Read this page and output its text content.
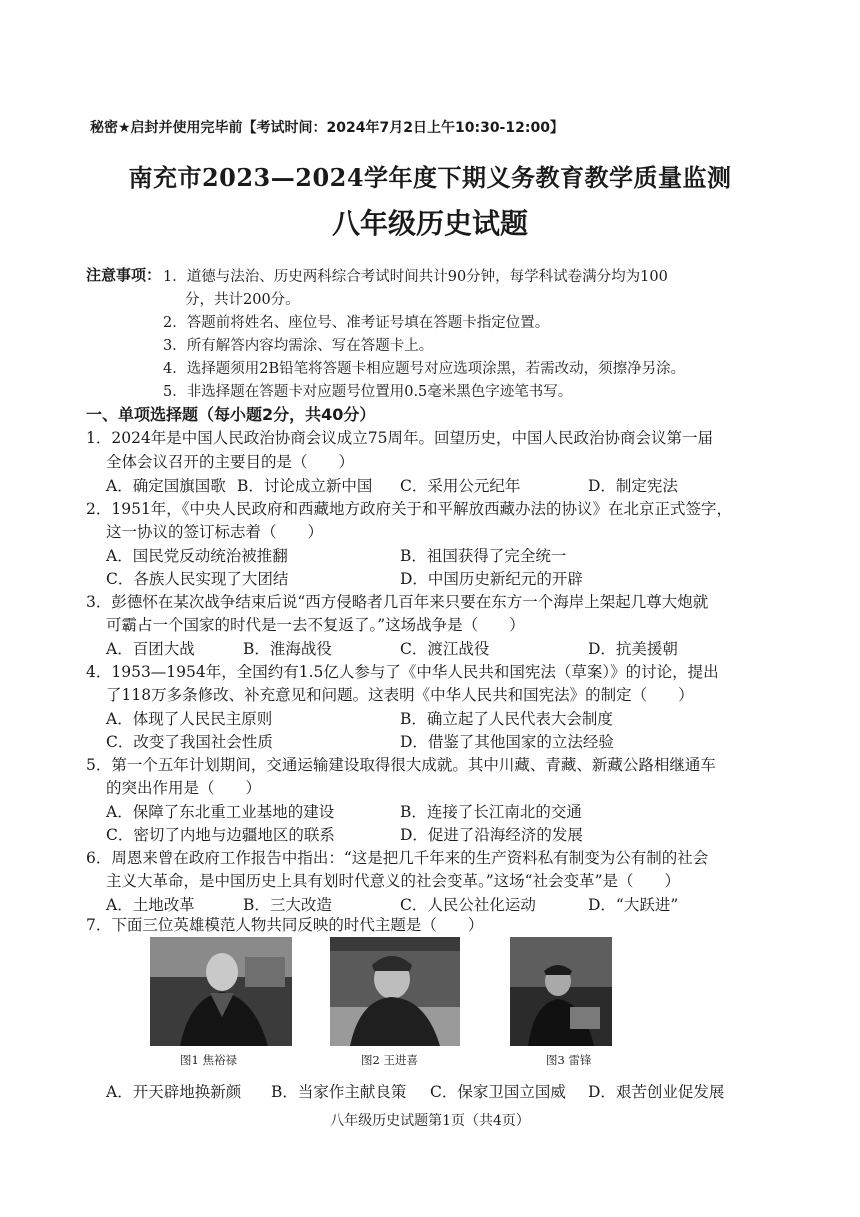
秘密★启封并使用完毕前【考试时间：2024年7月2日上午10:30-12:00】
南充市2023—2024学年度下期义务教育教学质量监测
八年级历史试题
注意事项： 1．道德与法治、历史两科综合考试时间共计90分钟，每学科试卷满分均为100
分，共计200分。
2．答题前将姓名、座位号、准考证号填在答题卡指定位置。
3．所有解答内容均需涂、写在答题卡上。
4．选择题须用2B铅笔将答题卡相应题号对应选项涂黑，若需改动，须擦净另涂。
5．非选择题在答题卡对应题号位置用0.5毫米黑色字迹笔书写。
一、单项选择题（每小题2分，共40分）
1．2024年是中国人民政治协商会议成立75周年。回望历史，中国人民政治协商会议第一届
全体会议召开的主要目的是（　　）
A．确定国旗国歌 B．讨论成立新中国 C．采用公元纪年	D．制定宪法
2．1951年，《中央人民政府和西藏地方政府关于和平解放西藏办法的协议》在北京正式签字，
这一协议的签订标志着（　　）
A．国民党反动统治被推翻	B．祖国获得了完全统一
C．各族人民实现了大团结	D．中国历史新纪元的开辟
3．彭德怀在某次战争结束后说“西方侵略者几百年来只要在东方一个海岸上架起几尊大炮就
可霸占一个国家的时代是一去不复返了。”这场战争是（　　）
A．百团大战	B．淮海战役	C．渡江战役	D．抗美援朝
4．1953—1954年，全国约有1.5亿人参与了《中华人民共和国宪法（草案）》的讨论，提出
了118万多条修改、补充意见和问题。这表明《中华人民共和国宪法》的制定（　　）
A．体现了人民民主原则	B．确立起了人民代表大会制度
C．改变了我国社会性质	D．借鉴了其他国家的立法经验
5．第一个五年计划期间，交通运输建设取得很大成就。其中川藏、青藏、新藏公路相继通车
的突出作用是（　　）
A．保障了东北重工业基地的建设	B．连接了长江南北的交通
C．密切了内地与边疆地区的联系	D．促进了沿海经济的发展
6．周恩来曾在政府工作报告中指出：“这是把几千年来的生产资料私有制变为公有制的社会
主义大革命，是中国历史上具有划时代意义的社会变革。”这场“社会变革”是（　　）
A．土地改革	B．三大改造	C．人民公社化运动	D．“大跃进”
7．下面三位英雄模范人物共同反映的时代主题是（　　）
图1 焦裕禄	图2 王进喜	图3 雷锋
A．开天辟地换新颜 B．当家作主献良策 C．保家卫国立国威 D．艰苦创业促发展
八年级历史试题第1页（共4页）
